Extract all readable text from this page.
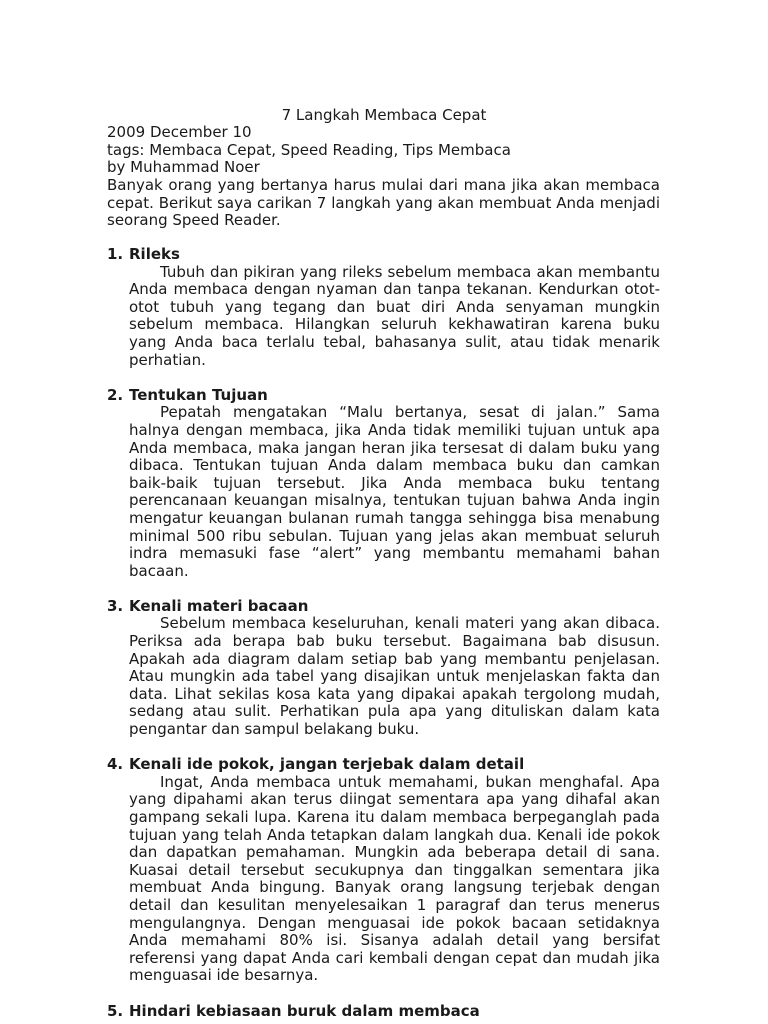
7 Langkah Membaca Cepat
2009 December 10
tags: Membaca Cepat, Speed Reading, Tips Membaca
by Muhammad Noer

Banyak orang yang bertanya harus mulai dari mana jika akan membaca cepat. Berikut saya carikan 7 langkah yang akan membuat Anda menjadi seorang Speed Reader.

1. Rileks

Tubuh dan pikiran yang rileks sebelum membaca akan membantu Anda membaca dengan nyaman dan tanpa tekanan. Kendurkan otot-otot tubuh yang tegang dan buat diri Anda senyaman mungkin sebelum membaca. Hilangkan seluruh kekhawatiran karena buku yang Anda baca terlalu tebal, bahasanya sulit, atau tidak menarik perhatian.

2. Tentukan Tujuan

Pepatah mengatakan “Malu bertanya, sesat di jalan.” Sama halnya dengan membaca, jika Anda tidak memiliki tujuan untuk apa Anda membaca, maka jangan heran jika tersesat di dalam buku yang dibaca. Tentukan tujuan Anda dalam membaca buku dan camkan baik-baik tujuan tersebut. Jika Anda membaca buku tentang perencanaan keuangan misalnya, tentukan tujuan bahwa Anda ingin mengatur keuangan bulanan rumah tangga sehingga bisa menabung minimal 500 ribu sebulan. Tujuan yang jelas akan membuat seluruh indra memasuki fase “alert” yang membantu memahami bahan bacaan.

3. Kenali materi bacaan

Sebelum membaca keseluruhan, kenali materi yang akan dibaca. Periksa ada berapa bab buku tersebut. Bagaimana bab disusun. Apakah ada diagram dalam setiap bab yang membantu penjelasan. Atau mungkin ada tabel yang disajikan untuk menjelaskan fakta dan data. Lihat sekilas kosa kata yang dipakai apakah tergolong mudah, sedang atau sulit. Perhatikan pula apa yang dituliskan dalam kata pengantar dan sampul belakang buku.

4. Kenali ide pokok, jangan terjebak dalam detail

Ingat, Anda membaca untuk memahami, bukan menghafal. Apa yang dipahami akan terus diingat sementara apa yang dihafal akan gampang sekali lupa. Karena itu dalam membaca berpeganglah pada tujuan yang telah Anda tetapkan dalam langkah dua. Kenali ide pokok dan dapatkan pemahaman. Mungkin ada beberapa detail di sana. Kuasai detail tersebut secukupnya dan tinggalkan sementara jika membuat Anda bingung. Banyak orang langsung terjebak dengan detail dan kesulitan menyelesaikan 1 paragraf dan terus menerus mengulangnya. Dengan menguasai ide pokok bacaan setidaknya Anda memahami 80% isi. Sisanya adalah detail yang bersifat referensi yang dapat Anda cari kembali dengan cepat dan mudah jika menguasai ide besarnya.

5. Hindari kebiasaan buruk dalam membaca
